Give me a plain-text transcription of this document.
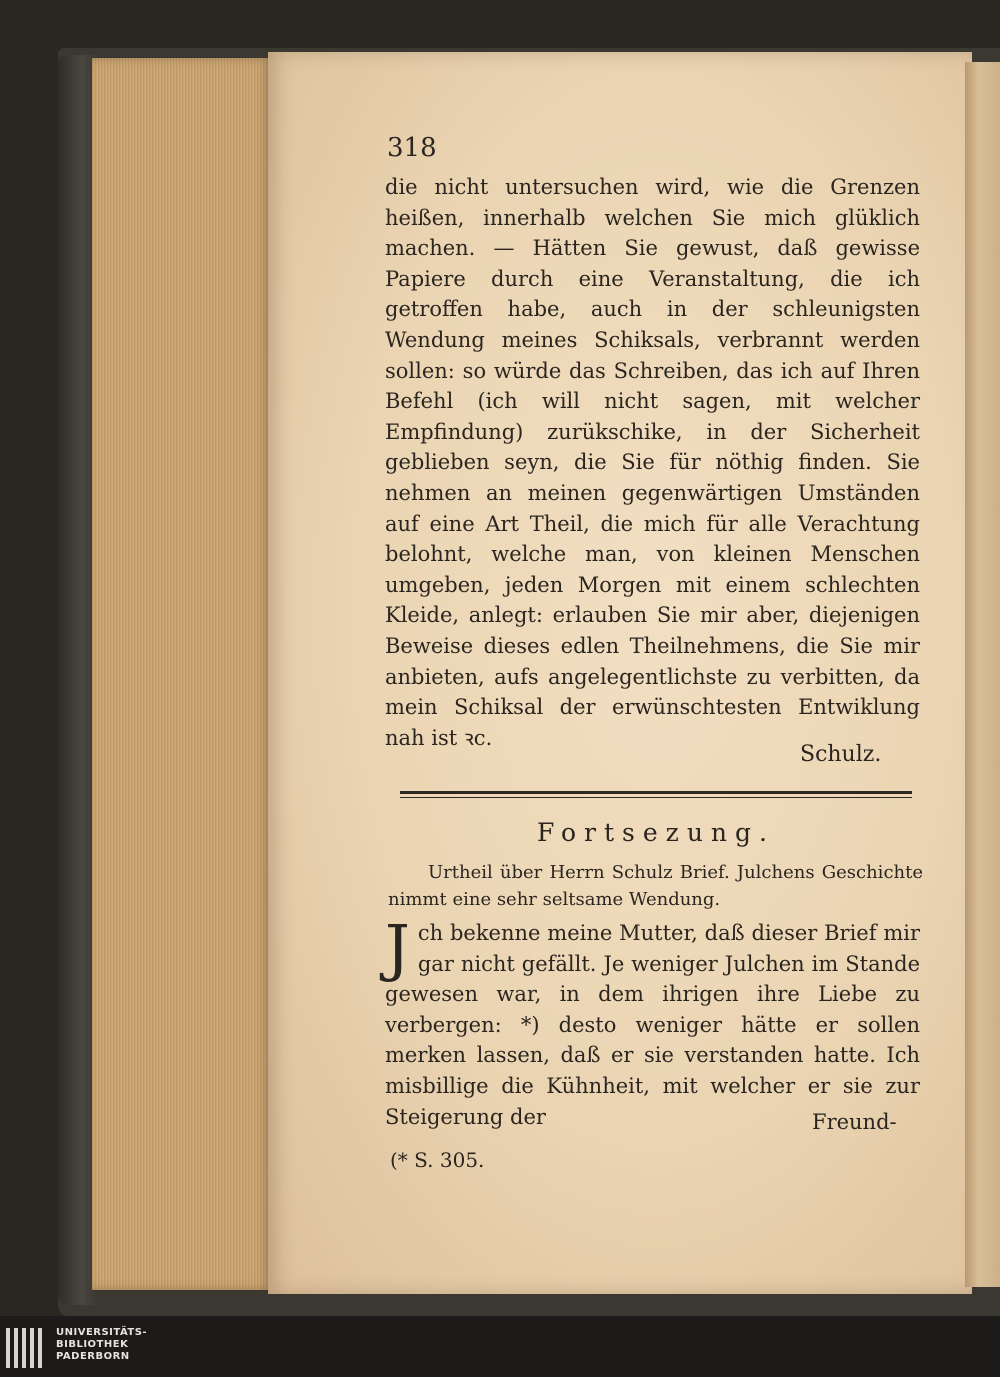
318

die nicht untersuchen wird, wie die Grenzen heißen, innerhalb welchen Sie mich glüklich machen. — Hätten Sie gewust, daß gewisse Papiere durch eine Veranstaltung, die ich getroffen habe, auch in der schleunigsten Wendung meines Schiksals, verbrannt werden sollen: so würde das Schreiben, das ich auf Ihren Befehl (ich will nicht sagen, mit welcher Empfindung) zurükschike, in der Sicherheit geblieben seyn, die Sie für nöthig finden. Sie nehmen an meinen gegenwärtigen Umständen auf eine Art Theil, die mich für alle Verachtung belohnt, welche man, von kleinen Menschen umgeben, jeden Morgen mit einem schlechten Kleide, anlegt: erlauben Sie mir aber, diejenigen Beweise dieses edlen Theilnehmens, die Sie mir anbieten, aufs angelegentlichste zu verbitten, da mein Schiksal der erwünschtesten Entwiklung nah ist ꝛc.

Schulz.

Fortsezung.

Urtheil über Herrn Schulz Brief. Julchens Geschichte nimmt eine sehr seltsame Wendung.

Jch bekenne meine Mutter, daß dieser Brief mir gar nicht gefällt. Je weniger Julchen im Stande gewesen war, in dem ihrigen ihre Liebe zu verbergen: *) desto weniger hätte er sollen merken lassen, daß er sie verstanden hatte. Ich misbillige die Kühnheit, mit welcher er sie zur Steigerung der	Freund-

(* S. 305.

UNIVERSITÄTS-
BIBLIOTHEK
PADERBORN
